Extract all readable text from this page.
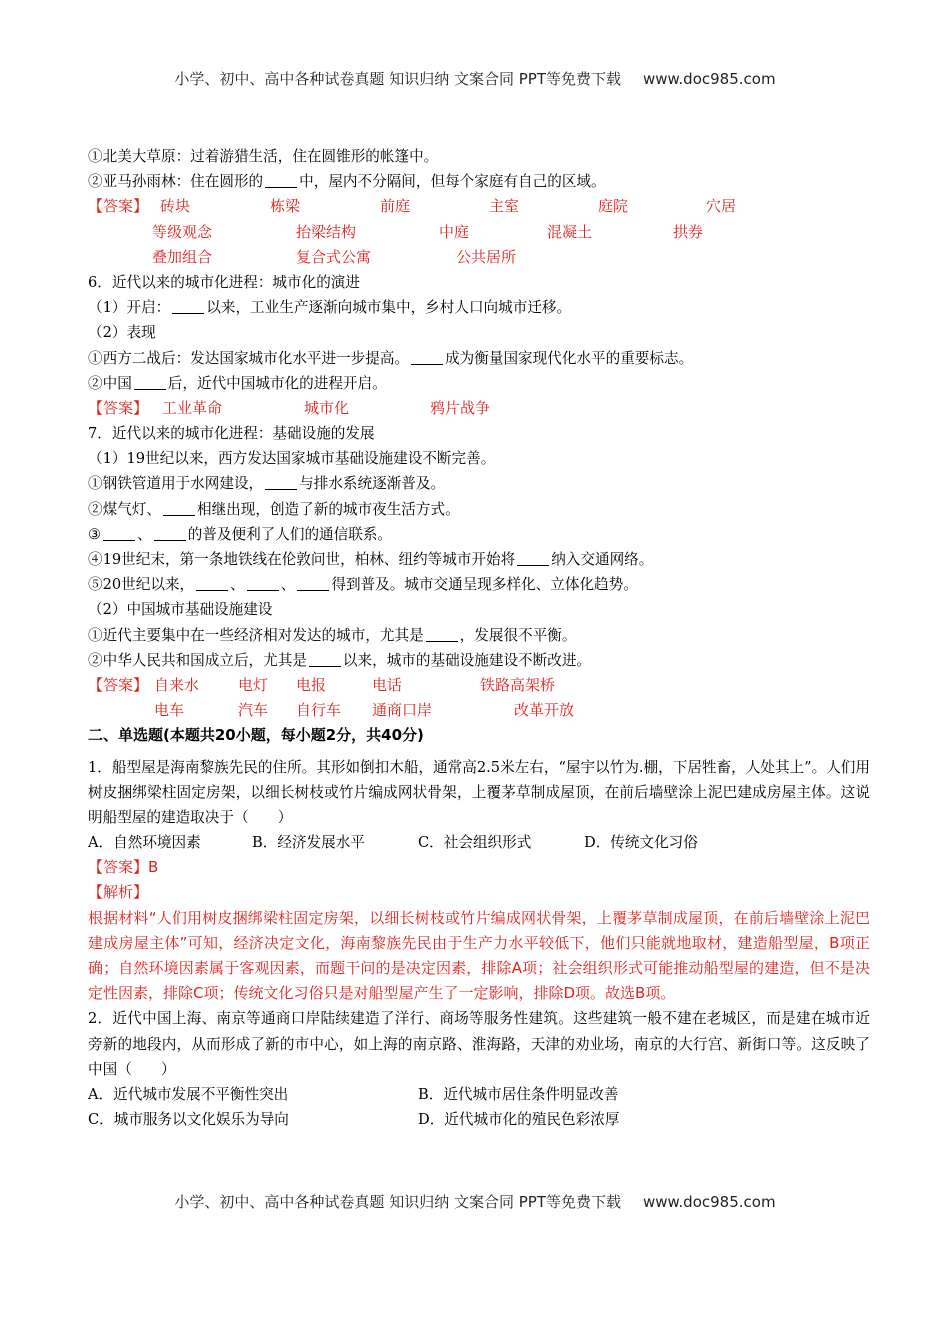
小学、初中、高中各种试卷真题 知识归纳 文案合同 PPT等免费下载 www.doc985.com
①北美大草原：过着游猎生活，住在圆锥形的帐篷中。
②亚马孙雨林：住在圆形的 中，屋内不分隔间，但每个家庭有自己的区域。
【答案】 砖块	栋梁	前庭	主室	庭院	穴居
等级观念	抬梁结构	中庭	混凝土	拱券
叠加组合	复合式公寓	公共居所
6．近代以来的城市化进程：城市化的演进
（1）开启： 以来，工业生产逐渐向城市集中，乡村人口向城市迁移。
（2）表现
①西方二战后：发达国家城市化水平进一步提高。 成为衡量国家现代化水平的重要标志。
②中国 后，近代中国城市化的进程开启。
【答案】 工业革命	城市化	鸦片战争
7．近代以来的城市化进程：基础设施的发展
（1）19世纪以来，西方发达国家城市基础设施建设不断完善。
①钢铁管道用于水网建设， 与排水系统逐渐普及。
②煤气灯、 相继出现，创造了新的城市夜生活方式。
③ 、 的普及便利了人们的通信联系。
④19世纪末，第一条地铁线在伦敦问世，柏林、纽约等城市开始将 纳入交通网络。
⑤20世纪以来， 、 、 得到普及。城市交通呈现多样化、立体化趋势。
（2）中国城市基础设施建设
①近代主要集中在一些经济相对发达的城市，尤其是 ，发展很不平衡。
②中华人民共和国成立后，尤其是 以来，城市的基础设施建设不断改进。
【答案】 自来水	电灯 电报	电话	铁路高架桥
电车	汽车 自行车 通商口岸	改革开放
二、单选题(本题共20小题，每小题2分，共40分)
1．船型屋是海南黎族先民的住所。其形如倒扣木船，通常高2.5米左右，“屋宇以竹为.棚，下居牲畜，人处其上”。人们用树皮捆绑梁柱固定房架，以细长树枝或竹片编成网状骨架，上覆茅草制成屋顶，在前后墙壁涂上泥巴建成房屋主体。这说明船型屋的建造取决于（　　）
A．自然环境因素	B．经济发展水平	C．社会组织形式	D．传统文化习俗
【答案】B
【解析】
根据材料“人们用树皮捆绑梁柱固定房架，以细长树枝或竹片编成网状骨架，上覆茅草制成屋顶，在前后墙壁涂上泥巴建成房屋主体”可知，经济决定文化，海南黎族先民由于生产力水平较低下，他们只能就地取材，建造船型屋，B项正确；自然环境因素属于客观因素，而题干问的是决定因素，排除A项；社会组织形式可能推动船型屋的建造，但不是决定性因素，排除C项；传统文化习俗只是对船型屋产生了一定影响，排除D项。故选B项。
2．近代中国上海、南京等通商口岸陆续建造了洋行、商场等服务性建筑。这些建筑一般不建在老城区，而是建在城市近旁新的地段内，从而形成了新的市中心，如上海的南京路、淮海路，天津的劝业场，南京的大行宫、新街口等。这反映了中国（　　）
A．近代城市发展不平衡性突出	B．近代城市居住条件明显改善
C．城市服务以文化娱乐为导向	D．近代城市化的殖民色彩浓厚
小学、初中、高中各种试卷真题 知识归纳 文案合同 PPT等免费下载 www.doc985.com
